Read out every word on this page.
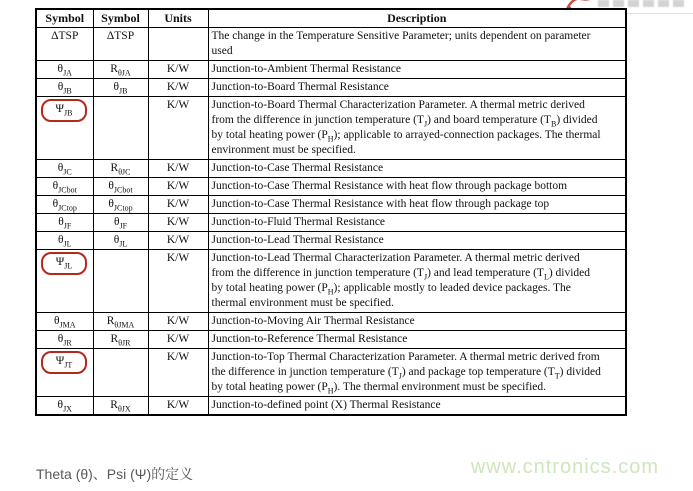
Symbol	Symbol	Units	Description
ΔTSP	ΔTSP		The change in the Temperature Sensitive Parameter; units dependent on parameter used

$\theta_{JA}$	$R_{\theta JA}$	K/W	Junction-to-Ambient Thermal Resistance

$\theta_{JB}$	$\theta_{JB}$	K/W	Junction-to-Board Thermal Resistance

$\Psi_{JB}$		K/W	Junction-to-Board Thermal Characterization Parameter. A thermal metric derived from the difference in junction temperature $(T_J)$ and board temperature $(T_B)$ divided by total heating power $(P_H)$; applicable to arrayed-connection packages. The thermal environment must be specified.

$\theta_{JC}$	$R_{\theta JC}$	K/W	Junction-to-Case Thermal Resistance

$\theta_{JCbot}$	$\theta_{JCbot}$	K/W	Junction-to-Case Thermal Resistance with heat flow through package bottom

$\theta_{JCtop}$	$\theta_{JCtop}$	K/W	Junction-to-Case Thermal Resistance with heat flow through package top

$\theta_{JF}$	$\theta_{JF}$	K/W	Junction-to-Fluid Thermal Resistance

$\theta_{JL}$	$\theta_{JL}$	K/W	Junction-to-Lead Thermal Resistance

$\Psi_{JL}$		K/W	Junction-to-Lead Thermal Characterization Parameter. A thermal metric derived from the difference in junction temperature $(T_J)$ and lead temperature $(T_L)$ divided by total heating power $(P_H)$; applicable mostly to leaded device packages. The thermal environment must be specified.

$\theta_{JMA}$	$R_{\theta JMA}$	K/W	Junction-to-Moving Air Thermal Resistance

$\theta_{JR}$	$R_{\theta JR}$	K/W	Junction-to-Reference Thermal Resistance

$\Psi_{JT}$		K/W	Junction-to-Top Thermal Characterization Parameter. A thermal metric derived from the difference in junction temperature $(T_J)$ and package top temperature $(T_T)$ divided by total heating power $(P_H)$. The thermal environment must be specified.

$\theta_{JX}$	$R_{\theta JX}$	K/W	Junction-to-defined point (X) Thermal Resistance
Theta (θ)、Psi (Ψ)的定义	www.cntronics.com
